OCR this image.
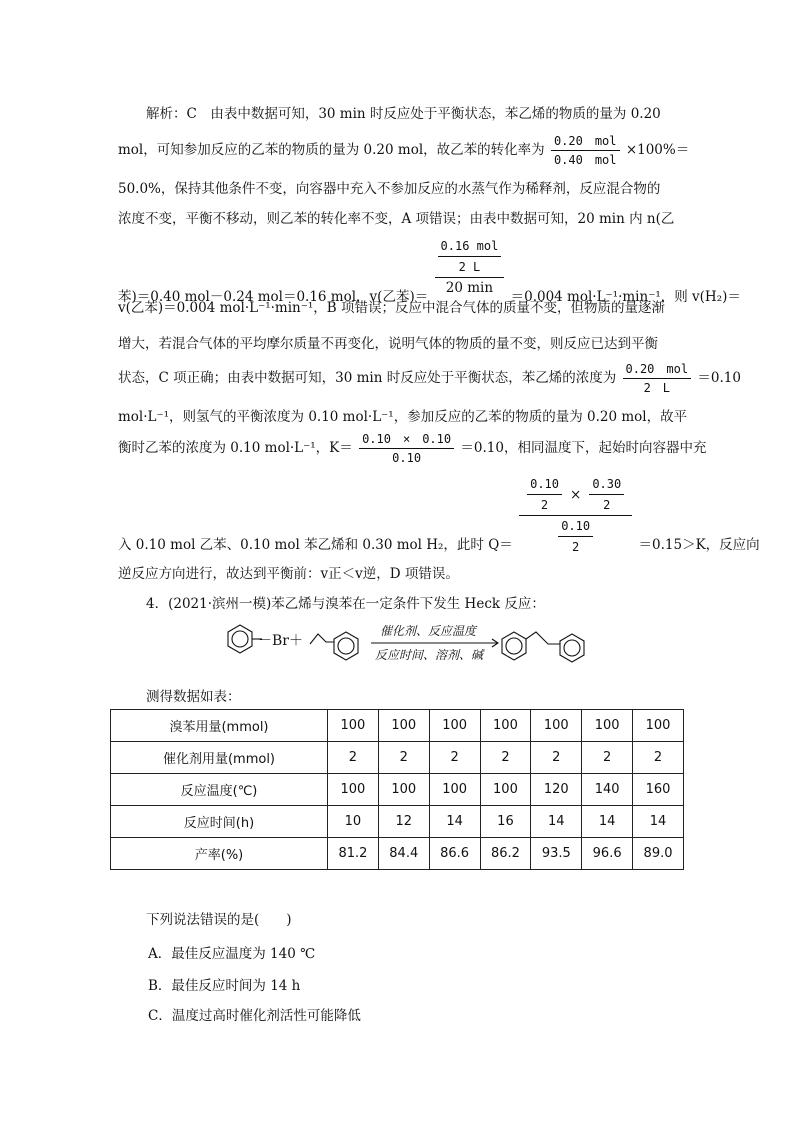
解析：C　由表中数据可知，30 min 时反应处于平衡状态，苯乙烯的物质的量为 0.20
mol，可知参加反应的乙苯的物质的量为 0.20 mol，故乙苯的转化率为 $\frac{\text{0.20　mol}}{\text{0.40　mol}} \times 100\%=$
50.0%，保持其他条件不变，向容器中充入不参加反应的水蒸气作为稀释剂，反应混合物的
浓度不变，平衡不移动，则乙苯的转化率不变，A 项错误；由表中数据可知，20 min 内 n(乙
苯)＝0.40 mol－0.24 mol＝0.16 mol，v(乙苯)＝ $\frac{\frac{\text{0.16 mol}}{2 L}}{20 \min} =0.004$ mol·L⁻¹·min⁻¹，则 v(H₂)＝
v(乙苯)＝0.004 mol·L⁻¹·min⁻¹，B 项错误；反应中混合气体的质量不变，但物质的量逐渐
增大，若混合气体的平均摩尔质量不再变化，说明气体的物质的量不变，则反应已达到平衡
状态，C 项正确；由表中数据可知，30 min 时反应处于平衡状态，苯乙烯的浓度为 $\frac{\text{0.20　mol}}{2 L} =0.10$
mol·L⁻¹，则氢气的平衡浓度为 0.10 mol·L⁻¹，参加反应的乙苯的物质的量为 0.20 mol，故平
衡时乙苯的浓度为 0.10 mol·L⁻¹，$K= \frac{0.10 \times 0.10}{0.10} =0.10$，相同温度下，起始时向容器中充
入 0.10 mol 乙苯、0.10 mol 苯乙烯和 0.30 mol H₂，此时 $Q= \frac{\frac{0.10}{2} \times \frac{0.30}{2}}{\frac{0.10}{2}} =0.15>K$，反应向
逆反应方向进行，故达到平衡前：v正＜v逆，D 项错误。
4．(2021·滨州一模)苯乙烯与溴苯在一定条件下发生 Heck 反应：
－Br＋
催化剂、反应温度
反应时间、溶剂、碱
测得数据如表：
溴苯用量(mmol)	100	100	100	100	100	100	100
催化剂用量(mmol)	2	2	2	2	2	2	2
反应温度(℃)	100	100	100	100	120	140	160
反应时间(h)	10	12	14	16	14	14	14
产率(%)	81.2	84.4	86.6	86.2	93.5	96.6	89.0
下列说法错误的是(　　)
A．最佳反应温度为 140 ℃
B．最佳反应时间为 14 h
C．温度过高时催化剂活性可能降低
